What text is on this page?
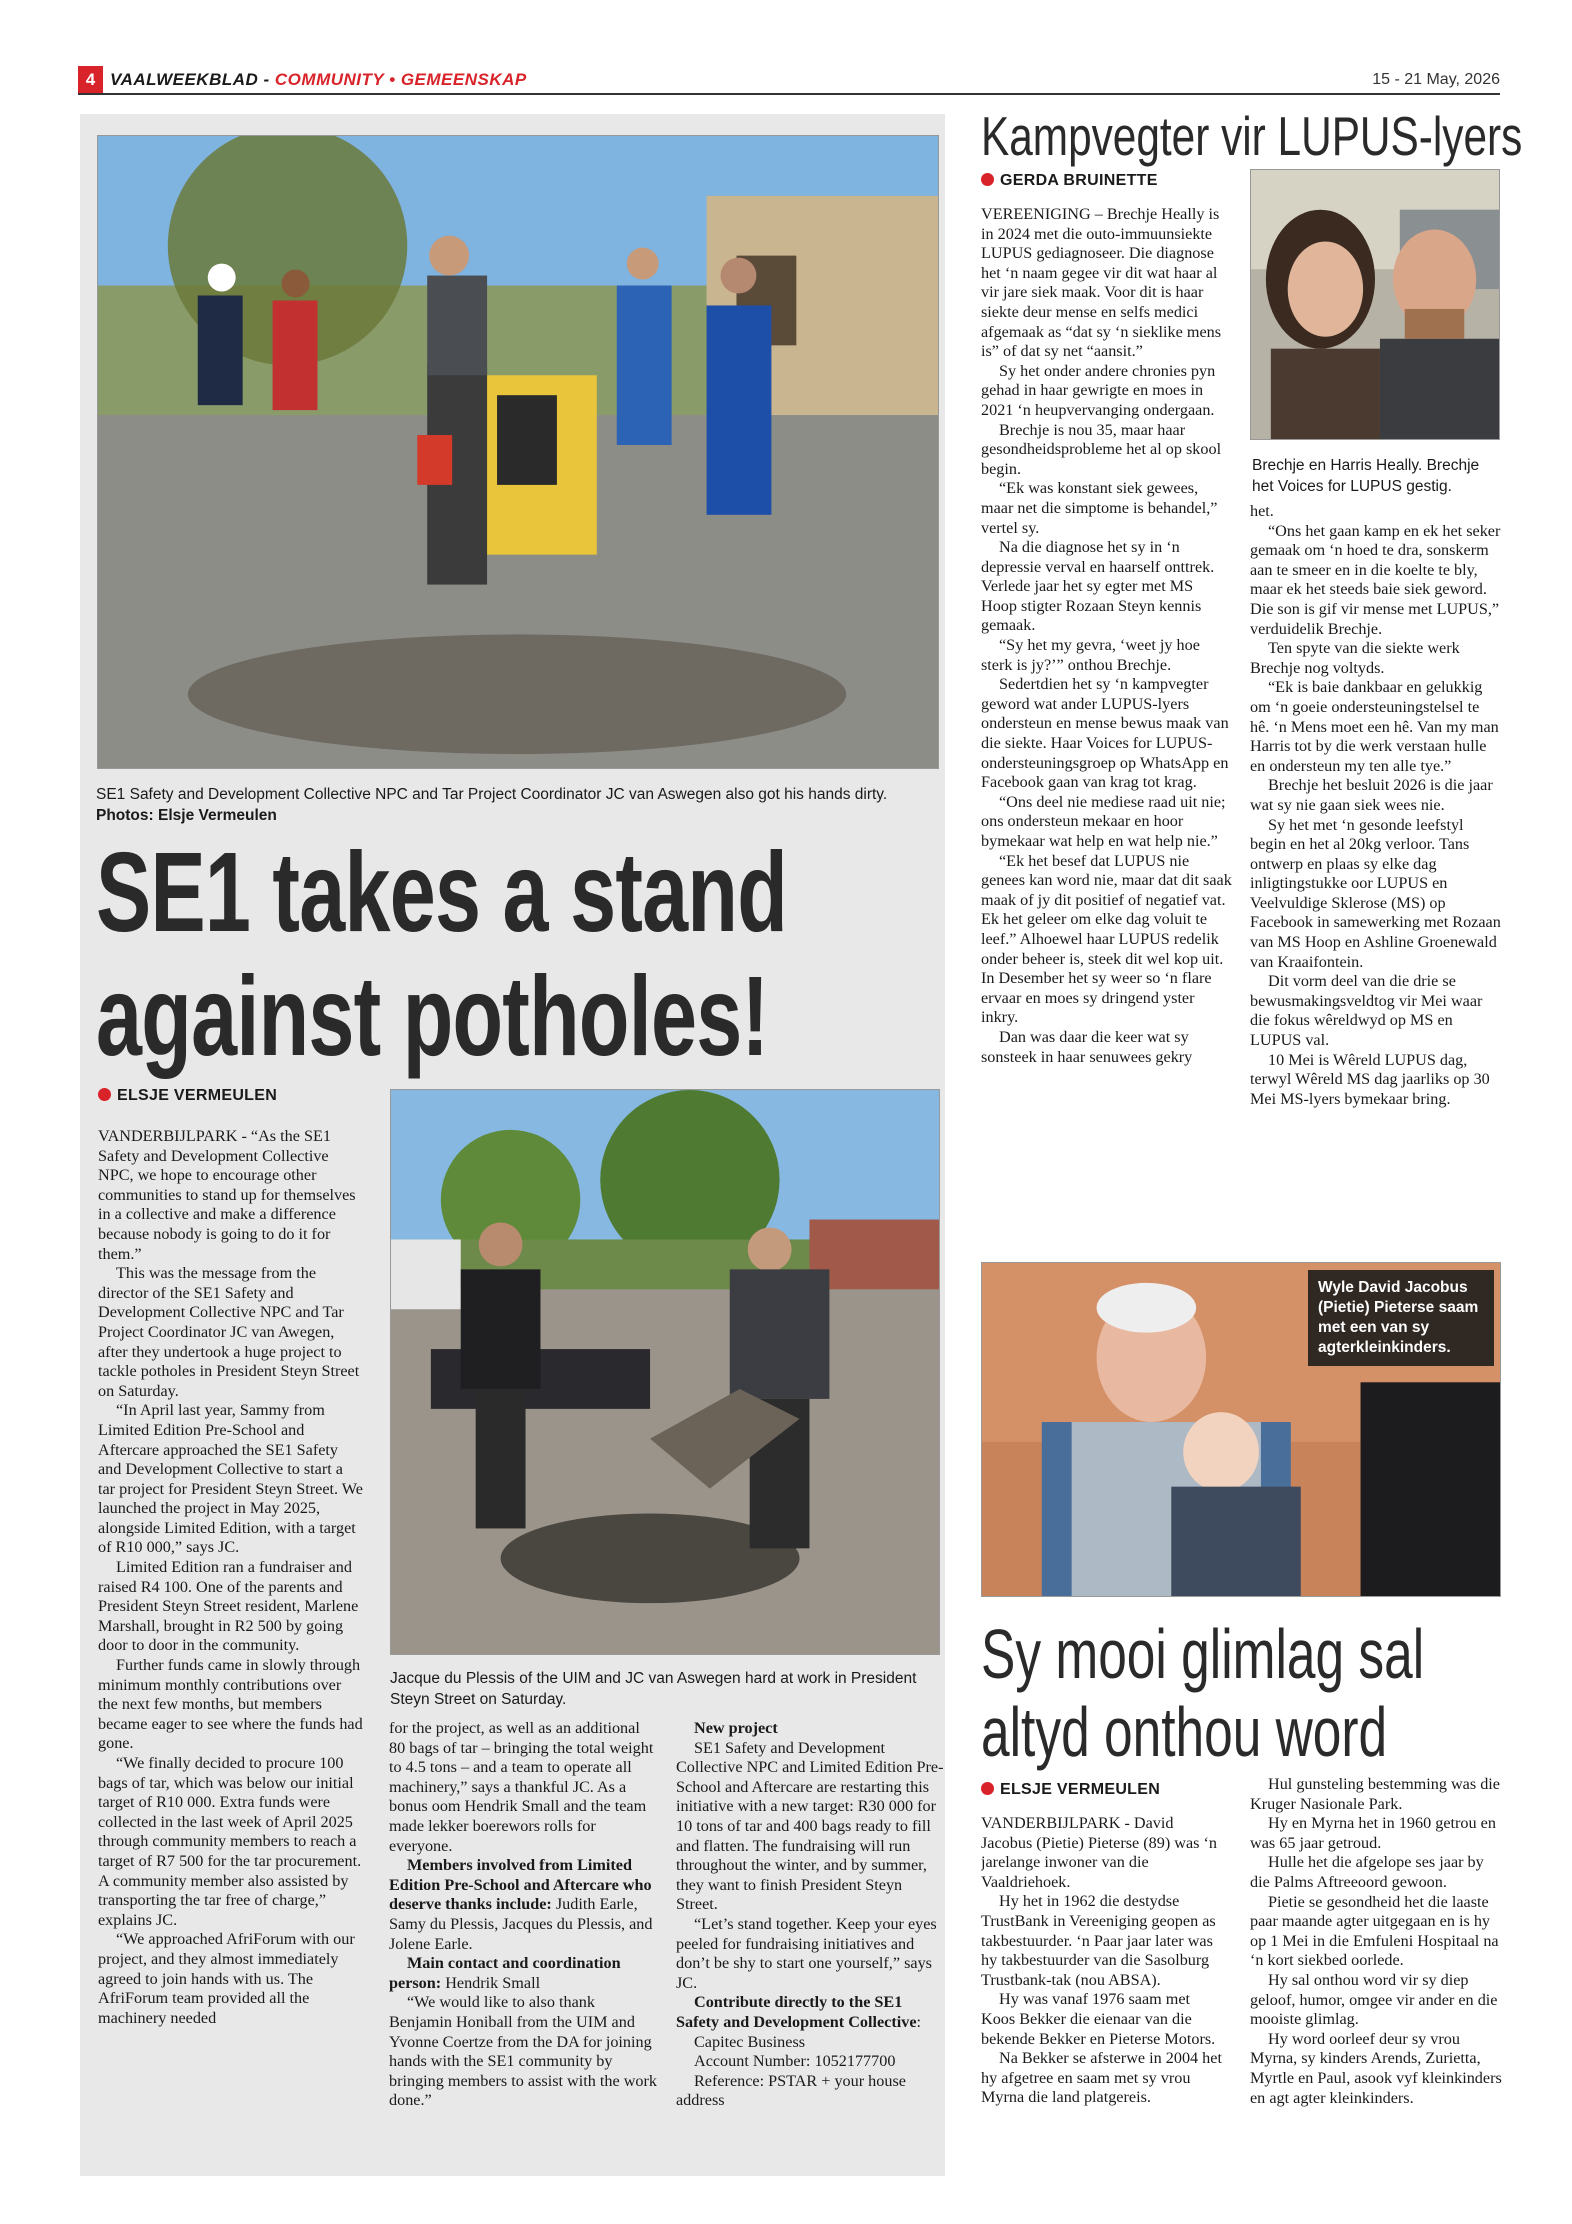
4 VAALWEEKBLAD - COMMUNITY • GEMEENSKAP	15 - 21 May, 2026
SE1 Safety and Development Collective NPC and Tar Project Coordinator JC van Aswegen also got his hands dirty. Photos: Elsje Vermeulen
SE1 takes a stand
against potholes!
ELSJE VERMEULEN
Jacque du Plessis of the UIM and JC van Aswegen hard at work in President Steyn Street on Saturday.

VANDERBIJLPARK - “As the SE1 Safety and Development Collective NPC, we hope to encourage other communities to stand up for themselves in a collective and make a difference because nobody is going to do it for them.”

This was the message from the director of the SE1 Safety and Development Collective NPC and Tar Project Coordinator JC van Awegen, after they undertook a huge project to tackle potholes in President Steyn Street on Saturday.

“In April last year, Sammy from Limited Edition Pre-School and Aftercare approached the SE1 Safety and Development Collective to start a tar project for President Steyn Street. We launched the project in May 2025, alongside Limited Edition, with a target of R10 000,” says JC.

Limited Edition ran a fundraiser and raised R4 100. One of the parents and President Steyn Street resident, Marlene Marshall, brought in R2 500 by going door to door in the community.

Further funds came in slowly through minimum monthly contributions over the next few months, but members became eager to see where the funds had gone.

“We finally decided to procure 100 bags of tar, which was below our initial target of R10 000. Extra funds were collected in the last week of April 2025 through community members to reach a target of R7 500 for the tar procurement. A community member also assisted by transporting the tar free of charge,” explains JC.

“We approached AfriForum with our project, and they almost immediately agreed to join hands with us. The AfriForum team provided all the machinery needed

for the project, as well as an additional 80 bags of tar – bringing the total weight to 4.5 tons – and a team to operate all machinery,” says a thankful JC. As a bonus oom Hendrik Small and the team made lekker boerewors rolls for everyone.

Members involved from Limited Edition Pre-School and Aftercare who deserve thanks include: Judith Earle, Samy du Plessis, Jacques du Plessis, and Jolene Earle.

Main contact and coordination person: Hendrik Small

“We would like to also thank Benjamin Honiball from the UIM and Yvonne Coertze from the DA for joining hands with the SE1 community by bringing members to assist with the work done.”

New project

SE1 Safety and Development Collective NPC and Limited Edition Pre-School and Aftercare are restarting this initiative with a new target: R30 000 for 10 tons of tar and 400 bags ready to fill and flatten. The fundraising will run throughout the winter, and by summer, they want to finish President Steyn Street.

“Let’s stand together. Keep your eyes peeled for fundraising initiatives and don’t be shy to start one yourself,” says JC.

Contribute directly to the SE1 Safety and Development Collective:

Capitec Business

Account Number: 1052177700

Reference: PSTAR + your house address

Kampvegter vir LUPUS-lyers
GERDA BRUINETTE
Brechje en Harris Heally. Brechje het Voices for LUPUS gestig.

VEREENIGING – Brechje Heally is in 2024 met die outo-immuunsiekte LUPUS gediagnoseer. Die diagnose het ‘n naam gegee vir dit wat haar al vir jare siek maak. Voor dit is haar siekte deur mense en selfs medici afgemaak as “dat sy ‘n sieklike mens is” of dat sy net “aansit.”

Sy het onder andere chronies pyn gehad in haar gewrigte en moes in 2021 ‘n heupvervanging ondergaan.

Brechje is nou 35, maar haar gesondheidsprobleme het al op skool begin.

“Ek was konstant siek gewees, maar net die simptome is behandel,” vertel sy.

Na die diagnose het sy in ‘n depressie verval en haarself onttrek. Verlede jaar het sy egter met MS Hoop stigter Rozaan Steyn kennis gemaak.

“Sy het my gevra, ‘weet jy hoe sterk is jy?’” onthou Brechje.

Sedertdien het sy ‘n kampvegter geword wat ander LUPUS-lyers ondersteun en mense bewus maak van die siekte. Haar Voices for LUPUS-ondersteuningsgroep op WhatsApp en Facebook gaan van krag tot krag.

“Ons deel nie mediese raad uit nie; ons ondersteun mekaar en hoor bymekaar wat help en wat help nie.”

“Ek het besef dat LUPUS nie genees kan word nie, maar dat dit saak maak of jy dit positief of negatief vat. Ek het geleer om elke dag voluit te leef.” Alhoewel haar LUPUS redelik onder beheer is, steek dit wel kop uit. In Desember het sy weer so ‘n flare ervaar en moes sy dringend yster inkry.

Dan was daar die keer wat sy sonsteek in haar senuwees gekry

het.

“Ons het gaan kamp en ek het seker gemaak om ‘n hoed te dra, sonskerm aan te smeer en in die koelte te bly, maar ek het steeds baie siek geword. Die son is gif vir mense met LUPUS,” verduidelik Brechje.

Ten spyte van die siekte werk Brechje nog voltyds.

“Ek is baie dankbaar en gelukkig om ‘n goeie ondersteuningstelsel te hê. ‘n Mens moet een hê. Van my man Harris tot by die werk verstaan hulle en ondersteun my ten alle tye.”

Brechje het besluit 2026 is die jaar wat sy nie gaan siek wees nie.

Sy het met ‘n gesonde leefstyl begin en het al 20kg verloor. Tans ontwerp en plaas sy elke dag inligtingstukke oor LUPUS en Veelvuldige Sklerose (MS) op Facebook in samewerking met Rozaan van MS Hoop en Ashline Groenewald van Kraaifontein.

Dit vorm deel van die drie se bewusmakingsveldtog vir Mei waar die fokus wêreldwyd op MS en LUPUS val.

10 Mei is Wêreld LUPUS dag, terwyl Wêreld MS dag jaarliks op 30 Mei MS-lyers bymekaar bring.

Wyle David Jacobus (Pietie) Pieterse saam met een van sy agterkleinkinders.
Sy mooi glimlag sal
altyd onthou word
ELSJE VERMEULEN

VANDERBIJLPARK - David Jacobus (Pietie) Pieterse (89) was ‘n jarelange inwoner van die Vaaldriehoek.

Hy het in 1962 die destydse TrustBank in Vereeniging geopen as takbestuurder. ‘n Paar jaar later was hy takbestuurder van die Sasolburg Trustbank-tak (nou ABSA).

Hy was vanaf 1976 saam met Koos Bekker die eienaar van die bekende Bekker en Pieterse Motors.

Na Bekker se afsterwe in 2004 het hy afgetree en saam met sy vrou Myrna die land platgereis.

Hul gunsteling bestemming was die Kruger Nasionale Park.

Hy en Myrna het in 1960 getrou en was 65 jaar getroud.

Hulle het die afgelope ses jaar by die Palms Aftreeoord gewoon.

Pietie se gesondheid het die laaste paar maande agter uitgegaan en is hy op 1 Mei in die Emfuleni Hospitaal na ‘n kort siekbed oorlede.

Hy sal onthou word vir sy diep geloof, humor, omgee vir ander en die mooiste glimlag.

Hy word oorleef deur sy vrou Myrna, sy kinders Arends, Zurietta, Myrtle en Paul, asook vyf kleinkinders en agt agter kleinkinders.
